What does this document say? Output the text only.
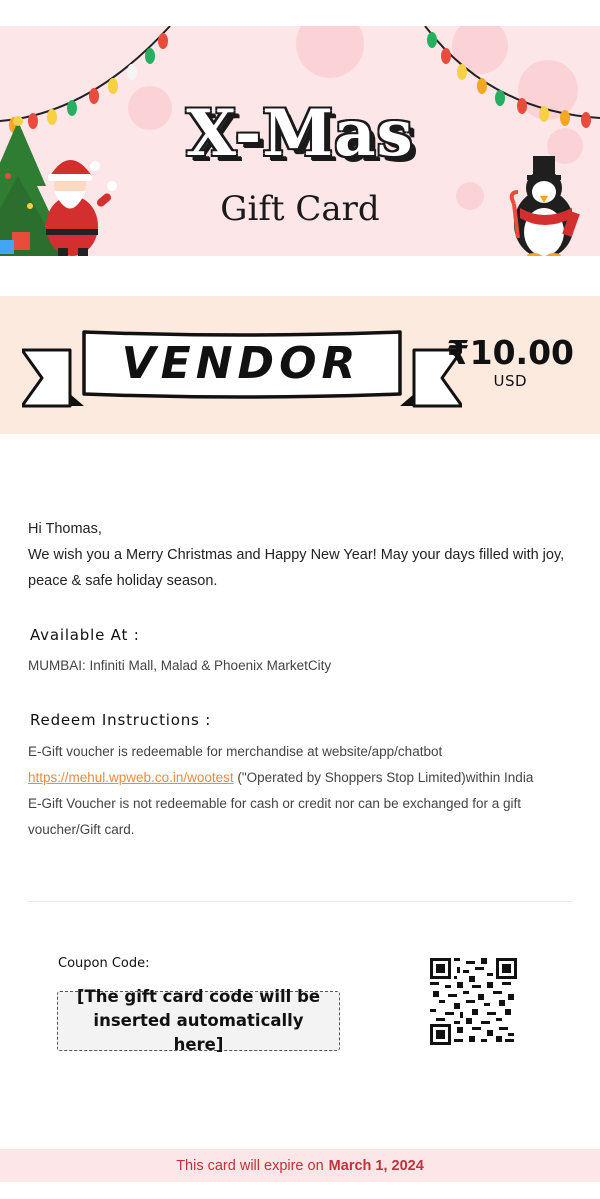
X-Mas
Gift Card
VENDOR	₹10.00
USD
Hi Thomas,
We wish you a Merry Christmas and Happy New Year! May your days filled with joy, peace & safe holiday season.
Available At :
MUMBAI: Infiniti Mall, Malad & Phoenix MarketCity
Redeem Instructions :

E-Gift voucher is redeemable for merchandise at website/app/chatbot https://mehul.wpweb.co.in/wootest ("Operated by Shoppers Stop Limited)within India

E-Gift Voucher is not redeemable for cash or credit nor can be exchanged for a gift voucher/Gift card.

Coupon Code:
[The gift card code will be inserted automatically here]
This card will expire on March 1, 2024
